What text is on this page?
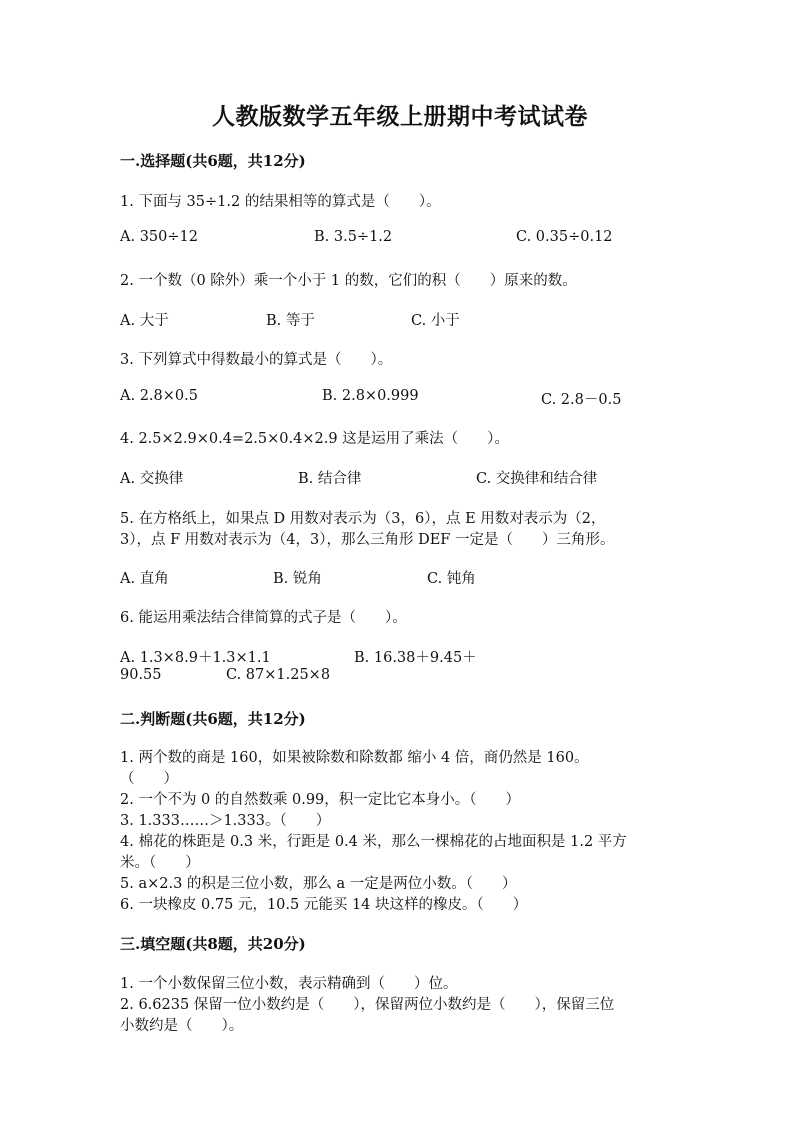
人教版数学五年级上册期中考试试卷
一.选择题(共6题，共12分)
1. 下面与 35÷1.2 的结果相等的算式是（　　）。
A. 350÷12	B. 3.5÷1.2	C. 0.35÷0.12
2. 一个数（0 除外）乘一个小于 1 的数，它们的积（　　）原来的数。
A. 大于	B. 等于	C. 小于
3. 下列算式中得数最小的算式是（　　）。
A. 2.8×0.5	B. 2.8×0.999	C. 2.8－0.5
4. 2.5×2.9×0.4=2.5×0.4×2.9 这是运用了乘法（　　）。
A. 交换律	B. 结合律	C. 交换律和结合律
5. 在方格纸上，如果点 D 用数对表示为（3，6），点 E 用数对表示为（2，
3），点 F 用数对表示为（4，3），那么三角形 DEF 一定是（　　）三角形。
A. 直角	B. 锐角	C. 钝角
6. 能运用乘法结合律简算的式子是（　　）。
A. 1.3×8.9＋1.3×1.1	B. 16.38＋9.45＋
90.55	C. 87×1.25×8
二.判断题(共6题，共12分)
1. 两个数的商是 160，如果被除数和除数都 缩小 4 倍，商仍然是 160。
（　　）
2. 一个不为 0 的自然数乘 0.99，积一定比它本身小。（　　）
3. 1.333……＞1.333。（　　）
4. 棉花的株距是 0.3 米，行距是 0.4 米，那么一棵棉花的占地面积是 1.2 平方
米。（　　）
5. a×2.3 的积是三位小数，那么 a 一定是两位小数。（　　）
6. 一块橡皮 0.75 元，10.5 元能买 14 块这样的橡皮。（　　）
三.填空题(共8题，共20分)
1. 一个小数保留三位小数，表示精确到（　　）位。
2. 6.6235 保留一位小数约是（　　），保留两位小数约是（　　），保留三位
小数约是（　　）。
